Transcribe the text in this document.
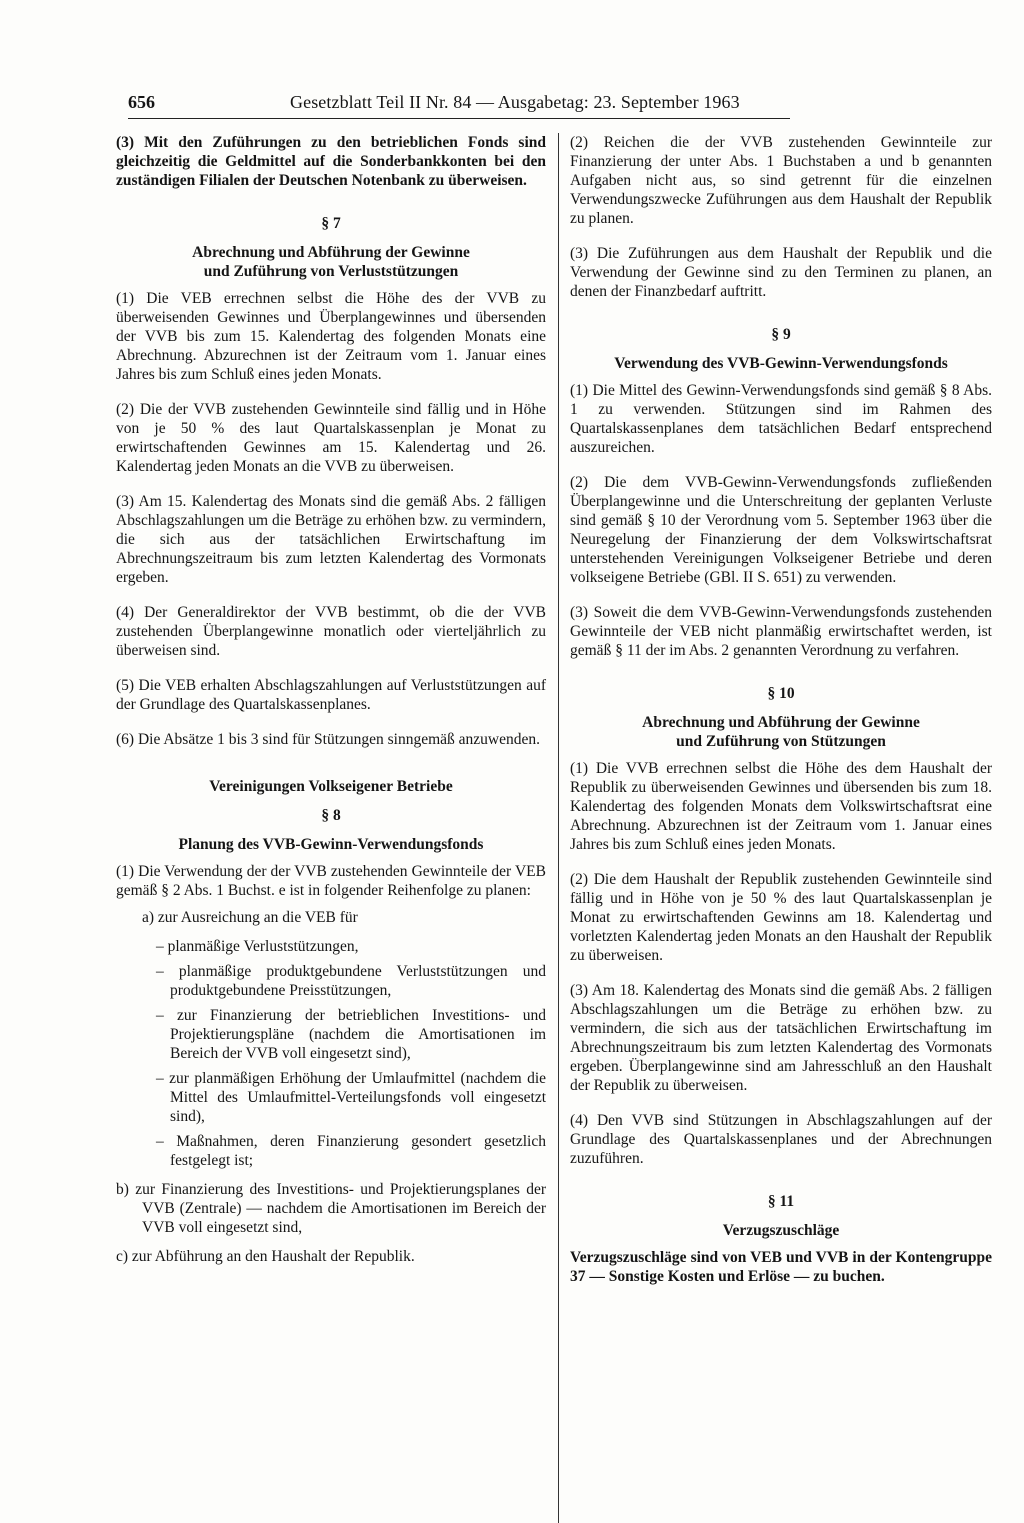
656	Gesetzblatt Teil II Nr. 84 — Ausgabetag: 23. September 1963

(3) Mit den Zuführungen zu den betrieblichen Fonds sind gleichzeitig die Geldmittel auf die Sonderbankkonten bei den zuständigen Filialen der Deutschen Notenbank zu überweisen.

§ 7
Abrechnung und Abführung der Gewinne
und Zuführung von Verluststützungen

(1) Die VEB errechnen selbst die Höhe des der VVB zu überweisenden Gewinnes und Überplangewinnes und übersenden der VVB bis zum 15. Kalendertag des folgenden Monats eine Abrechnung. Abzurechnen ist der Zeitraum vom 1. Januar eines Jahres bis zum Schluß eines jeden Monats.

(2) Die der VVB zustehenden Gewinnteile sind fällig und in Höhe von je 50 % des laut Quartalskassenplan je Monat zu erwirtschaftenden Gewinnes am 15. Kalendertag und 26. Kalendertag jeden Monats an die VVB zu überweisen.

(3) Am 15. Kalendertag des Monats sind die gemäß Abs. 2 fälligen Abschlagszahlungen um die Beträge zu erhöhen bzw. zu vermindern, die sich aus der tatsächlichen Erwirtschaftung im Abrechnungszeitraum bis zum letzten Kalendertag des Vormonats ergeben.

(4) Der Generaldirektor der VVB bestimmt, ob die der VVB zustehenden Überplangewinne monatlich oder vierteljährlich zu überweisen sind.

(5) Die VEB erhalten Abschlagszahlungen auf Verluststützungen auf der Grundlage des Quartalskassenplanes.

(6) Die Absätze 1 bis 3 sind für Stützungen sinngemäß anzuwenden.

Vereinigungen Volkseigener Betriebe
§ 8
Planung des VVB-Gewinn-Verwendungsfonds

(1) Die Verwendung der der VVB zustehenden Gewinnteile der VEB gemäß § 2 Abs. 1 Buchst. e ist in folgender Reihenfolge zu planen:

a) zur Ausreichung an die VEB für
– planmäßige Verluststützungen,
– planmäßige produktgebundene Verluststützungen und produktgebundene Preisstützungen,
– zur Finanzierung der betrieblichen Investitions- und Projektierungspläne (nachdem die Amortisationen im Bereich der VVB voll eingesetzt sind),
– zur planmäßigen Erhöhung der Umlaufmittel (nachdem die Mittel des Umlaufmittel-Verteilungsfonds voll eingesetzt sind),
– Maßnahmen, deren Finanzierung gesondert gesetzlich festgelegt ist;
b) zur Finanzierung des Investitions- und Projektierungsplanes der VVB (Zentrale) — nachdem die Amortisationen im Bereich der VVB voll eingesetzt sind,
c) zur Abführung an den Haushalt der Republik.

(2) Reichen die der VVB zustehenden Gewinnteile zur Finanzierung der unter Abs. 1 Buchstaben a und b genannten Aufgaben nicht aus, so sind getrennt für die einzelnen Verwendungszwecke Zuführungen aus dem Haushalt der Republik zu planen.

(3) Die Zuführungen aus dem Haushalt der Republik und die Verwendung der Gewinne sind zu den Terminen zu planen, an denen der Finanzbedarf auftritt.

§ 9
Verwendung des VVB-Gewinn-Verwendungsfonds

(1) Die Mittel des Gewinn-Verwendungsfonds sind gemäß § 8 Abs. 1 zu verwenden. Stützungen sind im Rahmen des Quartalskassenplanes dem tatsächlichen Bedarf entsprechend auszureichen.

(2) Die dem VVB-Gewinn-Verwendungsfonds zufließenden Überplangewinne und die Unterschreitung der geplanten Verluste sind gemäß § 10 der Verordnung vom 5. September 1963 über die Neuregelung der Finanzierung der dem Volkswirtschaftsrat unterstehenden Vereinigungen Volkseigener Betriebe und deren volkseigene Betriebe (GBl. II S. 651) zu verwenden.

(3) Soweit die dem VVB-Gewinn-Verwendungsfonds zustehenden Gewinnteile der VEB nicht planmäßig erwirtschaftet werden, ist gemäß § 11 der im Abs. 2 genannten Verordnung zu verfahren.

§ 10
Abrechnung und Abführung der Gewinne
und Zuführung von Stützungen

(1) Die VVB errechnen selbst die Höhe des dem Haushalt der Republik zu überweisenden Gewinnes und übersenden bis zum 18. Kalendertag des folgenden Monats dem Volkswirtschaftsrat eine Abrechnung. Abzurechnen ist der Zeitraum vom 1. Januar eines Jahres bis zum Schluß eines jeden Monats.

(2) Die dem Haushalt der Republik zustehenden Gewinnteile sind fällig und in Höhe von je 50 % des laut Quartalskassenplan je Monat zu erwirtschaftenden Gewinns am 18. Kalendertag und vorletzten Kalendertag jeden Monats an den Haushalt der Republik zu überweisen.

(3) Am 18. Kalendertag des Monats sind die gemäß Abs. 2 fälligen Abschlagszahlungen um die Beträge zu erhöhen bzw. zu vermindern, die sich aus der tatsächlichen Erwirtschaftung im Abrechnungszeitraum bis zum letzten Kalendertag des Vormonats ergeben. Überplangewinne sind am Jahresschluß an den Haushalt der Republik zu überweisen.

(4) Den VVB sind Stützungen in Abschlagszahlungen auf der Grundlage des Quartalskassenplanes und der Abrechnungen zuzuführen.

§ 11
Verzugszuschläge

Verzugszuschläge sind von VEB und VVB in der Kontengruppe 37 — Sonstige Kosten und Erlöse — zu buchen.
